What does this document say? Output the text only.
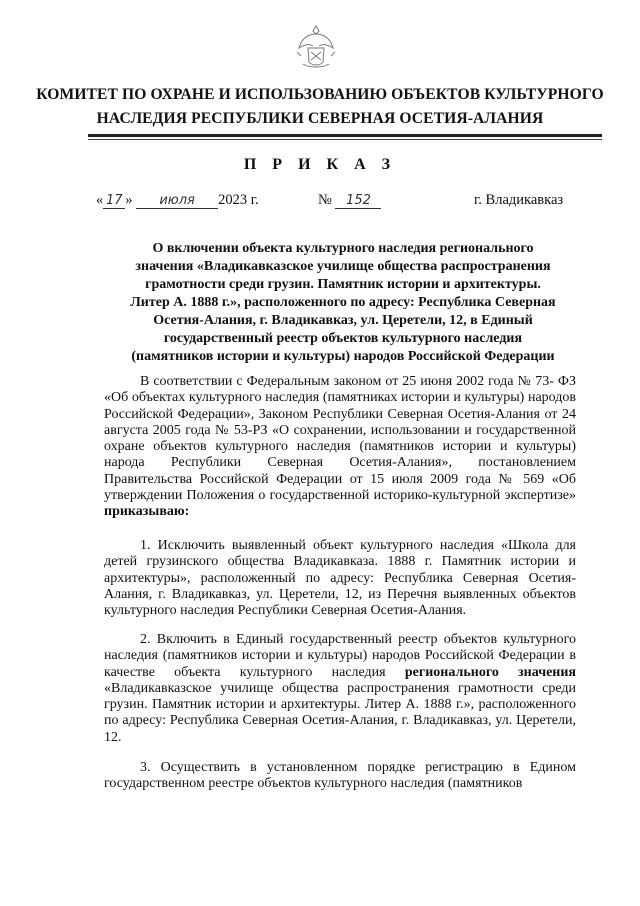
КОМИТЕТ ПО ОХРАНЕ И ИСПОЛЬЗОВАНИЮ ОБЪЕКТОВ КУЛЬТУРНОГО
НАСЛЕДИЯ РЕСПУБЛИКИ СЕВЕРНАЯ ОСЕТИЯ-АЛАНИЯ
П Р И К А З
« 17 » июля 2023 г.	№ 152	г. Владикавказ
О включении объекта культурного наследия регионального значения «Владикавказское училище общества распространения грамотности среди грузин. Памятник истории и архитектуры. Литер А. 1888 г.», расположенного по адресу: Республика Северная Осетия-Алания, г. Владикавказ, ул. Церетели, 12, в Единый государственный реестр объектов культурного наследия (памятников истории и культуры) народов Российской Федерации
В соответствии с Федеральным законом от 25 июня 2002 года № 73- ФЗ «Об объектах культурного наследия (памятниках истории и культуры) народов Российской Федерации», Законом Республики Северная Осетия-Алания от 24 августа 2005 года № 53-РЗ «О сохранении, использовании и государственной охране объектов культурного наследия (памятников истории и культуры) народа Республики Северная Осетия-Алания», постановлением Правительства Российской Федерации от 15 июля 2009 года № 569 «Об утверждении Положения о государственной историко-культурной экспертизе» приказываю:
1. Исключить выявленный объект культурного наследия «Школа для детей грузинского общества Владикавказа. 1888 г. Памятник истории и архитектуры», расположенный по адресу: Республика Северная Осетия-Алания, г. Владикавказ, ул. Церетели, 12, из Перечня выявленных объектов культурного наследия Республики Северная Осетия-Алания.
2. Включить в Единый государственный реестр объектов культурного наследия (памятников истории и культуры) народов Российской Федерации в качестве объекта культурного наследия регионального значения «Владикавказское училище общества распространения грамотности среди грузин. Памятник истории и архитектуры. Литер А. 1888 г.», расположенного по адресу: Республика Северная Осетия-Алания, г. Владикавказ, ул. Церетели, 12.
3. Осуществить в установленном порядке регистрацию в Едином государственном реестре объектов культурного наследия (памятников
